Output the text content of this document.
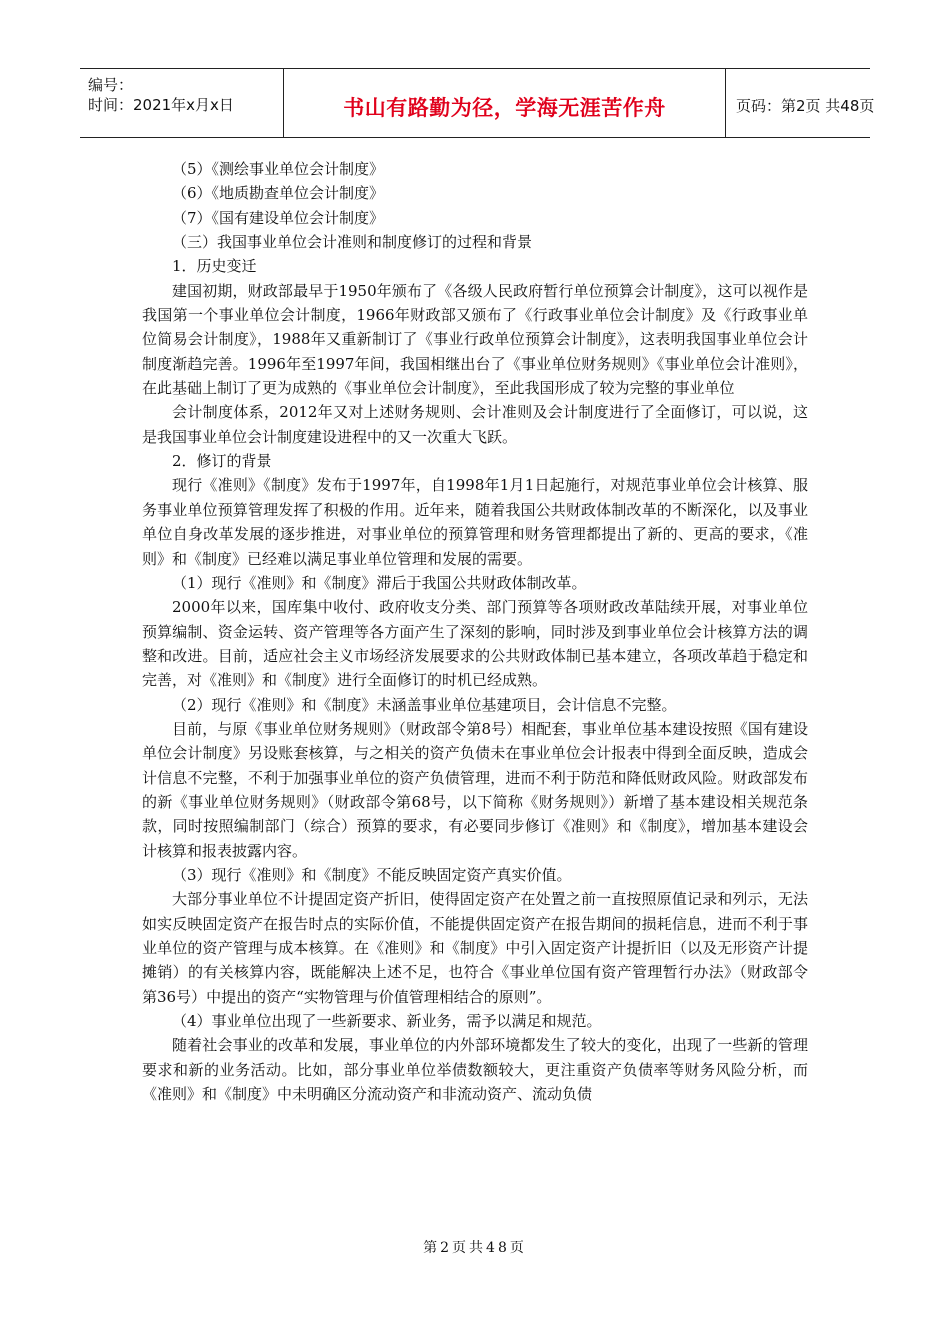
编号：
时间：2021年x月x日	书山有路勤为径，学海无涯苦作舟	页码：第2页 共48页

（5）《测绘事业单位会计制度》

（6）《地质勘查单位会计制度》

（7）《国有建设单位会计制度》

（三）我国事业单位会计准则和制度修订的过程和背景

1．历史变迁

建国初期，财政部最早于1950年颁布了《各级人民政府暂行单位预算会计制度》，这可以视作是我国第一个事业单位会计制度，1966年财政部又颁布了《行政事业单位会计制度》及《行政事业单位简易会计制度》，1988年又重新制订了《事业行政单位预算会计制度》，这表明我国事业单位会计制度渐趋完善。1996年至1997年间，我国相继出台了《事业单位财务规则》《事业单位会计准则》，在此基础上制订了更为成熟的《事业单位会计制度》，至此我国形成了较为完整的事业单位

会计制度体系，2012年又对上述财务规则、会计准则及会计制度进行了全面修订，可以说，这是我国事业单位会计制度建设进程中的又一次重大飞跃。

2．修订的背景

现行《准则》《制度》发布于1997年，自1998年1月1日起施行，对规范事业单位会计核算、服务事业单位预算管理发挥了积极的作用。近年来，随着我国公共财政体制改革的不断深化，以及事业单位自身改革发展的逐步推进，对事业单位的预算管理和财务管理都提出了新的、更高的要求，《准则》和《制度》已经难以满足事业单位管理和发展的需要。

（1）现行《准则》和《制度》滞后于我国公共财政体制改革。

2000年以来，国库集中收付、政府收支分类、部门预算等各项财政改革陆续开展，对事业单位预算编制、资金运转、资产管理等各方面产生了深刻的影响，同时涉及到事业单位会计核算方法的调整和改进。目前，适应社会主义市场经济发展要求的公共财政体制已基本建立，各项改革趋于稳定和完善，对《准则》和《制度》进行全面修订的时机已经成熟。

（2）现行《准则》和《制度》未涵盖事业单位基建项目，会计信息不完整。

目前，与原《事业单位财务规则》（财政部令第8号）相配套，事业单位基本建设按照《国有建设单位会计制度》另设账套核算，与之相关的资产负债未在事业单位会计报表中得到全面反映，造成会计信息不完整，不利于加强事业单位的资产负债管理，进而不利于防范和降低财政风险。财政部发布的新《事业单位财务规则》（财政部令第68号，以下简称《财务规则》）新增了基本建设相关规范条款，同时按照编制部门（综合）预算的要求，有必要同步修订《准则》和《制度》，增加基本建设会计核算和报表披露内容。

（3）现行《准则》和《制度》不能反映固定资产真实价值。

大部分事业单位不计提固定资产折旧，使得固定资产在处置之前一直按照原值记录和列示，无法如实反映固定资产在报告时点的实际价值，不能提供固定资产在报告期间的损耗信息，进而不利于事业单位的资产管理与成本核算。在《准则》和《制度》中引入固定资产计提折旧（以及无形资产计提摊销）的有关核算内容，既能解决上述不足，也符合《事业单位国有资产管理暂行办法》（财政部令第36号）中提出的资产“实物管理与价值管理相结合的原则”。

（4）事业单位出现了一些新要求、新业务，需予以满足和规范。

随着社会事业的改革和发展，事业单位的内外部环境都发生了较大的变化，出现了一些新的管理要求和新的业务活动。比如，部分事业单位举债数额较大，更注重资产负债率等财务风险分析，而《准则》和《制度》中未明确区分流动资产和非流动资产、流动负债

第2页共48页
